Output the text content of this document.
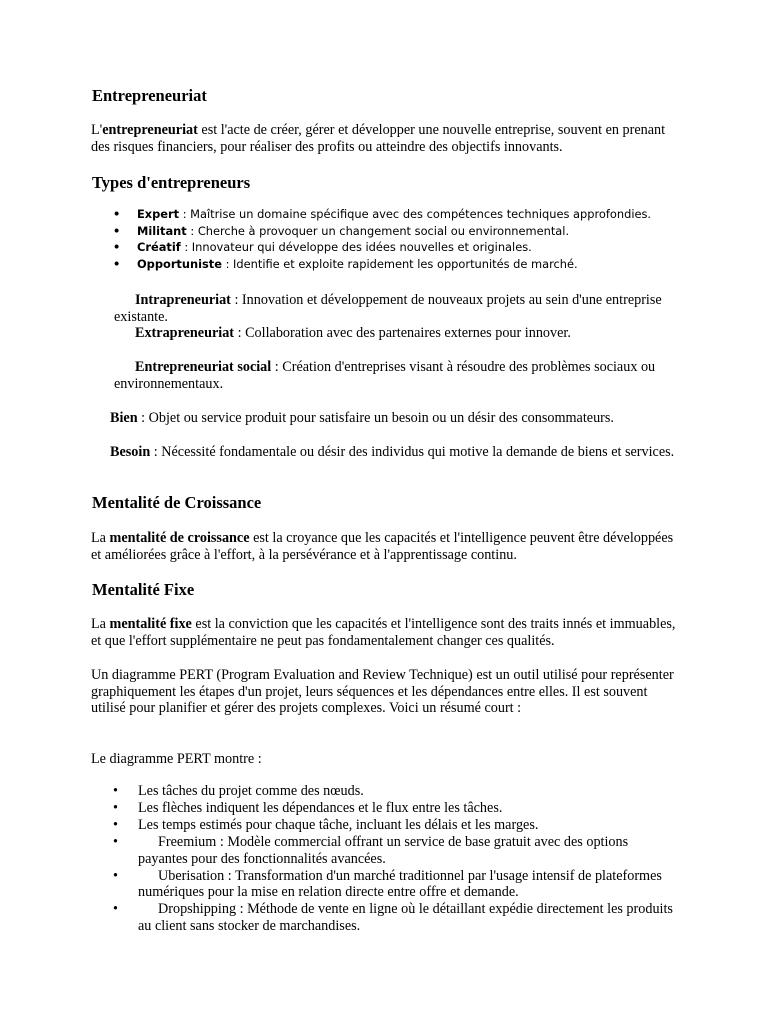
Entrepreneuriat

L'entrepreneuriat est l'acte de créer, gérer et développer une nouvelle entreprise, souvent en prenant des risques financiers, pour réaliser des profits ou atteindre des objectifs innovants.

Types d'entrepreneurs
• Expert : Maîtrise un domaine spécifique avec des compétences techniques approfondies.
• Militant : Cherche à provoquer un changement social ou environnemental.
• Créatif : Innovateur qui développe des idées nouvelles et originales.
• Opportuniste : Identifie et exploite rapidement les opportunités de marché.

Intrapreneuriat : Innovation et développement de nouveaux projets au sein d'une entreprise existante.

Extrapreneuriat : Collaboration avec des partenaires externes pour innover.

Entrepreneuriat social : Création d'entreprises visant à résoudre des problèmes sociaux ou environnementaux.

Bien : Objet ou service produit pour satisfaire un besoin ou un désir des consommateurs.

Besoin : Nécessité fondamentale ou désir des individus qui motive la demande de biens et services.

Mentalité de Croissance

La mentalité de croissance est la croyance que les capacités et l'intelligence peuvent être développées et améliorées grâce à l'effort, à la persévérance et à l'apprentissage continu.

Mentalité Fixe

La mentalité fixe est la conviction que les capacités et l'intelligence sont des traits innés et immuables, et que l'effort supplémentaire ne peut pas fondamentalement changer ces qualités.

Un diagramme PERT (Program Evaluation and Review Technique) est un outil utilisé pour représenter graphiquement les étapes d'un projet, leurs séquences et les dépendances entre elles. Il est souvent utilisé pour planifier et gérer des projets complexes. Voici un résumé court :

Le diagramme PERT montre :

• Les tâches du projet comme des nœuds.
• Les flèches indiquent les dépendances et le flux entre les tâches.
• Les temps estimés pour chaque tâche, incluant les délais et les marges.
•	Freemium : Modèle commercial offrant un service de base gratuit avec des options payantes pour des fonctionnalités avancées.
•	Uberisation : Transformation d'un marché traditionnel par l'usage intensif de plateformes numériques pour la mise en relation directe entre offre et demande.
•	Dropshipping : Méthode de vente en ligne où le détaillant expédie directement les produits au client sans stocker de marchandises.
